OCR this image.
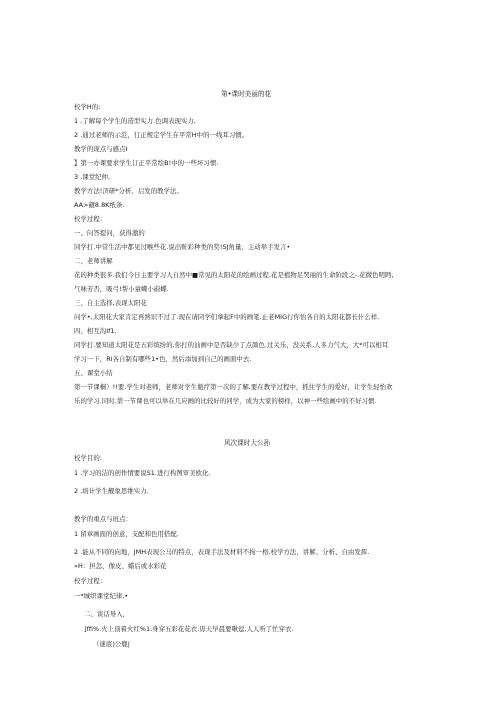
第•课时美丽的花
校学H的:
1 .了解每个学生的造型实力.色调表现实力,
2 .通过老师的示范，仃正规定学生在平常H中的一线耳习惯。
教学的现点与感点I
】第一办课要求学生订正平常绘B!中的一些坏习惯.
3 .课堂纪仲,
教学方法!济研*分析、启发的教学法。
AA>觎8.8K纸条.
校学过程：
一、问答提问，获得激的
同学打.中常生活中都见过喉些花.说出赃彩种类的奖!SJ角量，主动举手发言•
二、老师讲解
花的种类很多.我们今日主要学习人自然中■常见的太阳花的绘画过程.花是植物足哭丽的生命阶段之-.花微色明眄,
气味芳否，吸弓!帮小童蝶小蔚蝶.
三、自主选择,表现太阳花
问学•,太阳花大家肯定再熟识不过了.现在请同学们拿起F中的画笔.止老MIG行你怡各自的太阳花都长什么样.
四、相互沟If1.
同学打.要知道太阳花是五彩缤纷的,你打的汕画中是否缺少了点颜色.过关乐，没关系,人多力气大，大*可以相耳
学习一下，Ri各自制有哪些1•色，然后添加到自己的画面中去.
五、课堂小结
第一节课桐）!!要.学生对老师，老师对学生瓶疗第一次的了解,要在教学过程中，抓住学生的爱好，让学生轻怡欢
乐的学习.同时.第一节课也可以举在几应画的比较好的同学，成为大家的榜样，以神一些绘画中的不好习惯.
风次课时大公孙
校学目的:
1 .学习的洁的创作情要说S1.进行构图审美欧化.
2 .培计学生靓象思维实力.
教学的重点与班点：
1 留章画面的创意、支配和色用搭配.
2 .能从不同的向地，JMH表现公马的特点，表现手法及材料不拘一格.校学方法，讲解、分析、自由发挥.
»H：担怎、像皮、蜡后或水彩花
校学过程：
一*城织课堂纪律,•
二、谈话导入，
]ffi%.火上顶着火红%1.身穿五彩花花衣.毋天早晨要啾逗,人人听了忙穿衣.
（谜底)公鹿|
